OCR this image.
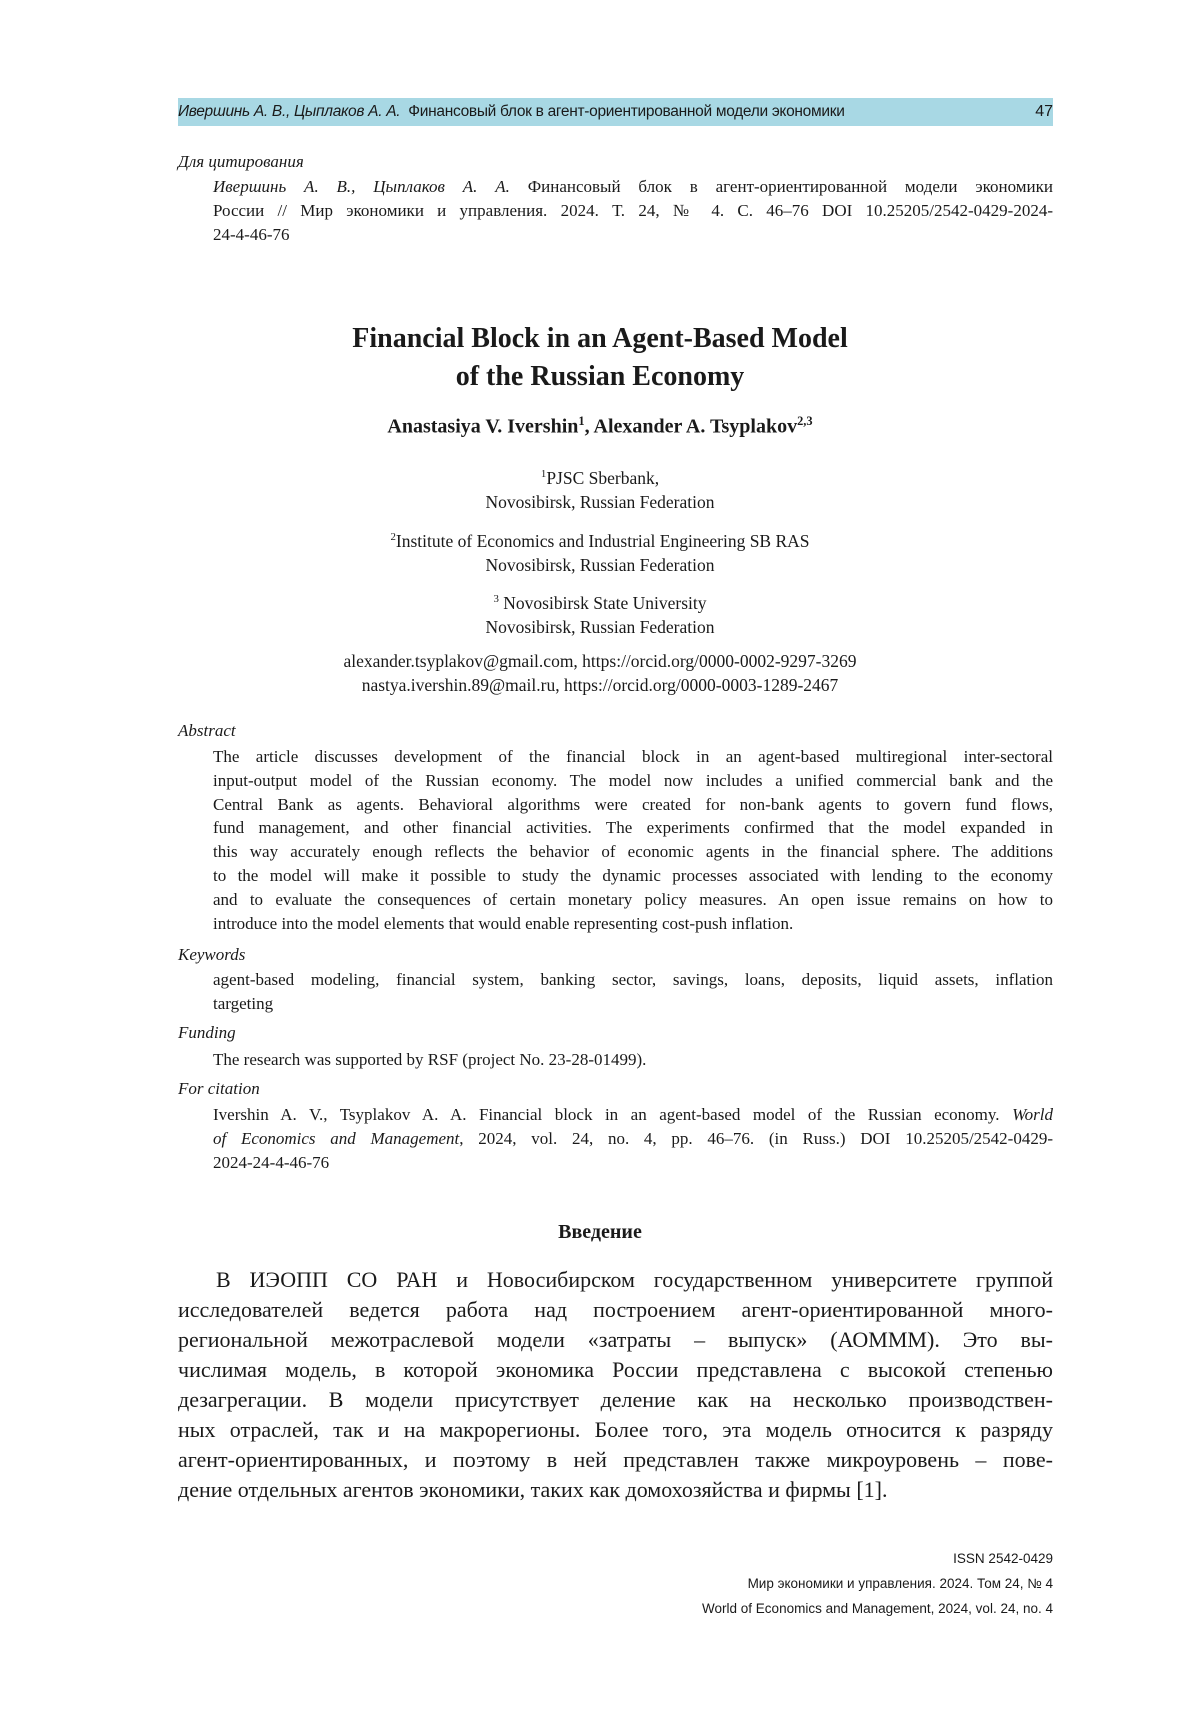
Ивершинь А. В., Цыплаков А. А. Финансовый блок в агент-ориентированной модели экономики	47
Для цитирования
Ивершинь А. В., Цыплаков А. А. Финансовый блок в агент-ориентированной модели экономики
России // Мир экономики и управления. 2024. Т. 24, № 4. С. 46–76 DOI 10.25205/2542-0429-2024-
24-4-46-76
Financial Block in an Agent-Based Model
of the Russian Economy
Anastasiya V. Ivershin$^1$, Alexander A. Tsyplakov$^{2,3}$
$^1$PJSC Sberbank,
Novosibirsk, Russian Federation
$^2$Institute of Economics and Industrial Engineering SB RAS
Novosibirsk, Russian Federation
$^3$ Novosibirsk State University
Novosibirsk, Russian Federation
alexander.tsyplakov@gmail.com, https://orcid.org/0000-0002-9297-3269
nastya.ivershin.89@mail.ru, https://orcid.org/0000-0003-1289-2467
Abstract
The article discusses development of the financial block in an agent-based multiregional inter-sectoral
input-output model of the Russian economy. The model now includes a unified commercial bank and the
Central Bank as agents. Behavioral algorithms were created for non-bank agents to govern fund flows,
fund management, and other financial activities. The experiments confirmed that the model expanded in
this way accurately enough reflects the behavior of economic agents in the financial sphere. The additions
to the model will make it possible to study the dynamic processes associated with lending to the economy
and to evaluate the consequences of certain monetary policy measures. An open issue remains on how to
introduce into the model elements that would enable representing cost-push inflation.
Keywords
agent-based modeling, financial system, banking sector, savings, loans, deposits, liquid assets, inflation
targeting
Funding
The research was supported by RSF (project No. 23-28-01499).
For citation
Ivershin A. V., Tsyplakov A. A. Financial block in an agent-based model of the Russian economy. World
of Economics and Management, 2024, vol. 24, no. 4, pp. 46–76. (in Russ.) DOI 10.25205/2542-0429-
2024-24-4-46-76
Введение
В ИЭОПП СО РАН и Новосибирском государственном университете группой
исследователей ведется работа над построением агент-ориентированной много-
региональной межотраслевой модели «затраты – выпуск» (АОМММ). Это вы-
числимая модель, в которой экономика России представлена с высокой степенью
дезагрегации. В модели присутствует деление как на несколько производствен-
ных отраслей, так и на макрорегионы. Более того, эта модель относится к разряду
агент-ориентированных, и поэтому в ней представлен также микроуровень – пове-
дение отдельных агентов экономики, таких как домохозяйства и фирмы [1].
ISSN 2542-0429
Мир экономики и управления. 2024. Том 24, № 4
World of Economics and Management, 2024, vol. 24, no. 4
